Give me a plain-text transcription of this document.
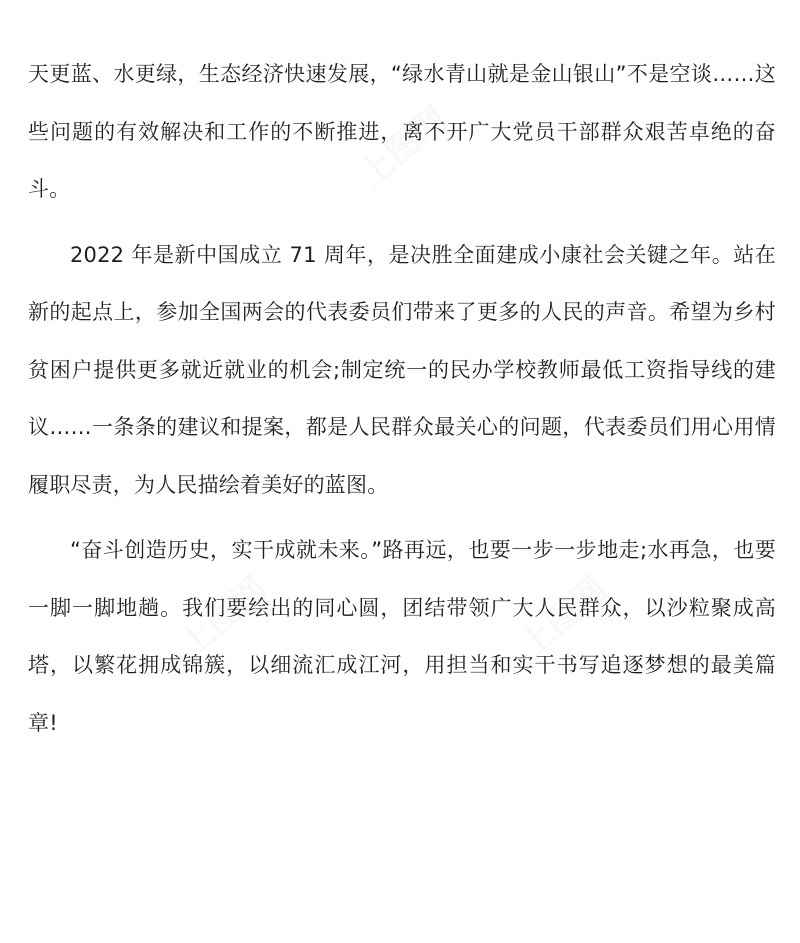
上图网
上图网	上图网

天更蓝、水更绿，生态经济快速发展，“绿水青山就是金山银山”不是空谈……这些问题的有效解决和工作的不断推进，离不开广大党员干部群众艰苦卓绝的奋斗。

2022 年是新中国成立 71 周年，是决胜全面建成小康社会关键之年。站在新的起点上，参加全国两会的代表委员们带来了更多的人民的声音。希望为乡村贫困户提供更多就近就业的机会;制定统一的民办学校教师最低工资指导线的建议……一条条的建议和提案，都是人民群众最关心的问题，代表委员们用心用情履职尽责，为人民描绘着美好的蓝图。

“奋斗创造历史，实干成就未来。”路再远，也要一步一步地走;水再急，也要一脚一脚地趟。我们要绘出的同心圆，团结带领广大人民群众，以沙粒聚成高塔，以繁花拥成锦簇，以细流汇成江河，用担当和实干书写追逐梦想的最美篇章!
